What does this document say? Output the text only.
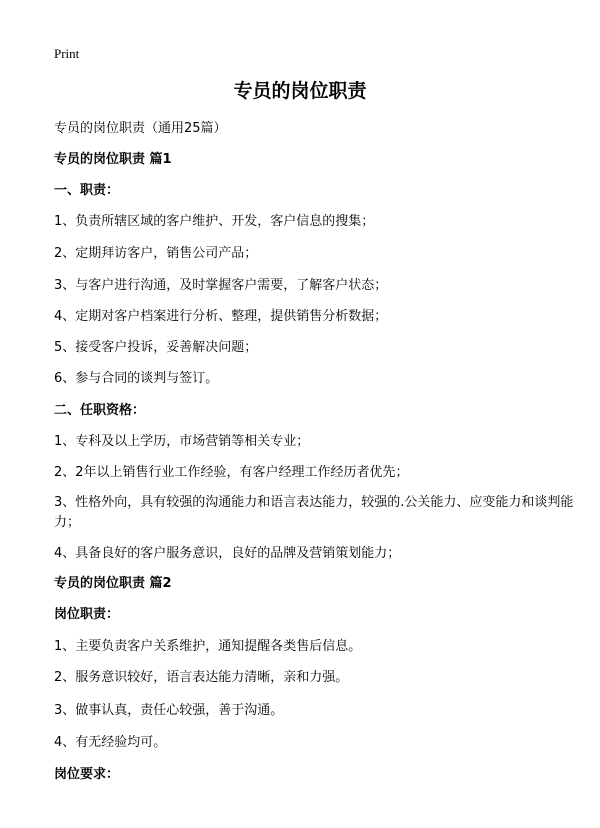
Print
专员的岗位职责
专员的岗位职责（通用25篇）
专员的岗位职责 篇1
一、职责：
1、负责所辖区域的客户维护、开发，客户信息的搜集；
2、定期拜访客户，销售公司产品；
3、与客户进行沟通，及时掌握客户需要，了解客户状态；
4、定期对客户档案进行分析、整理，提供销售分析数据；
5、接受客户投诉，妥善解决问题；
6、参与合同的谈判与签订。
二、任职资格：
1、专科及以上学历，市场营销等相关专业；
2、2年以上销售行业工作经验，有客户经理工作经历者优先；
3、性格外向，具有较强的沟通能力和语言表达能力，较强的.公关能力、应变能力和谈判能力；
4、具备良好的客户服务意识，良好的品牌及营销策划能力；
专员的岗位职责 篇2
岗位职责：
1、主要负责客户关系维护，通知提醒各类售后信息。
2、服务意识较好，语言表达能力清晰，亲和力强。
3、做事认真，责任心较强，善于沟通。
4、有无经验均可。
岗位要求：
